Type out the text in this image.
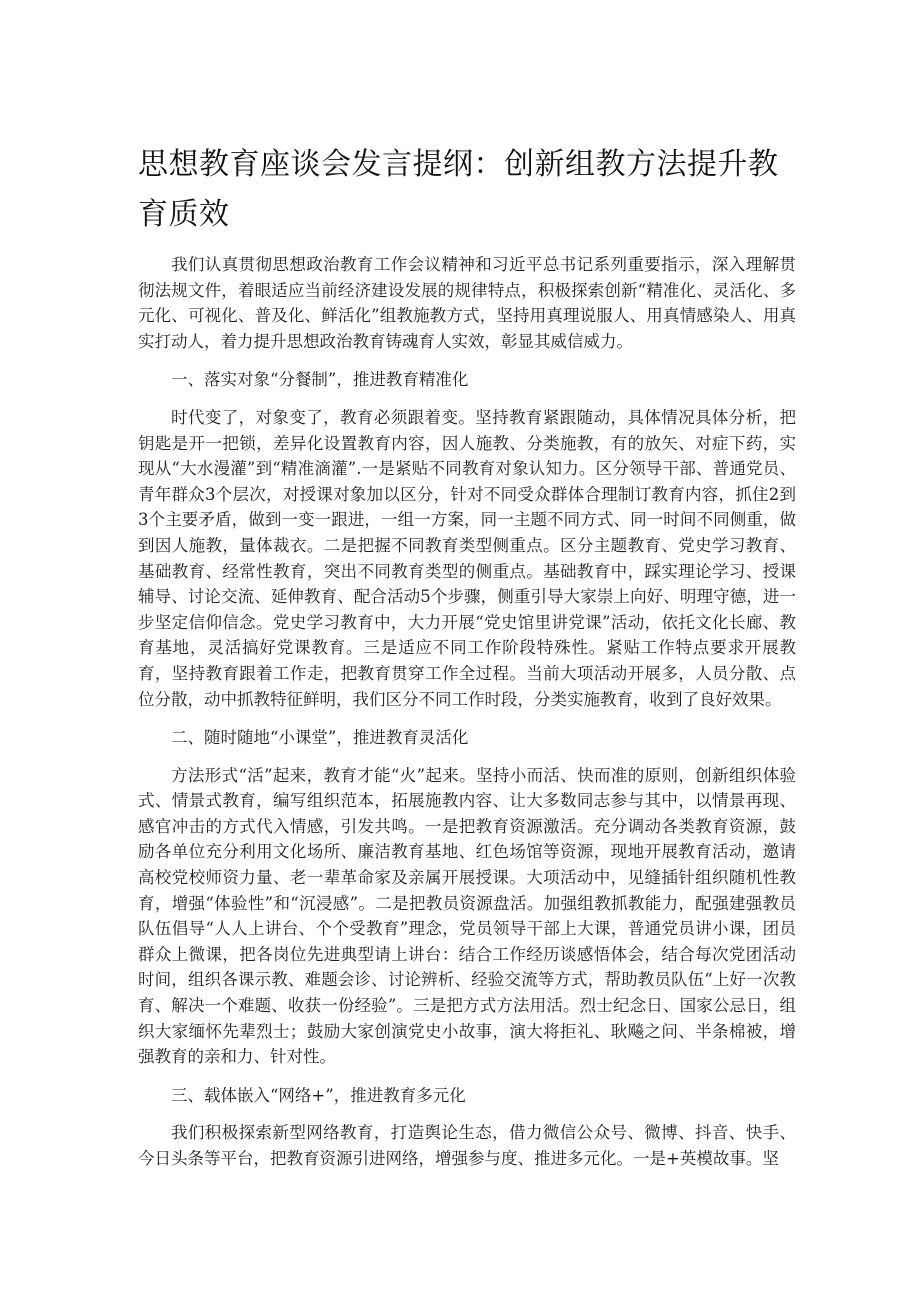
思想教育座谈会发言提纲：创新组教方法提升教育质效

我们认真贯彻思想政治教育工作会议精神和习近平总书记系列重要指示，深入理解贯彻法规文件，着眼适应当前经济建设发展的规律特点，积极探索创新“精准化、灵活化、多元化、可视化、普及化、鲜活化”组教施教方式，坚持用真理说服人、用真情感染人、用真实打动人，着力提升思想政治教育铸魂育人实效，彰显其威信威力。

一、落实对象“分餐制”，推进教育精准化

时代变了，对象变了，教育必须跟着变。坚持教育紧跟随动，具体情况具体分析，把钥匙是开一把锁，差异化设置教育内容，因人施教、分类施教，有的放矢、对症下药，实现从“大水漫灌”到“精准滴灌”.一是紧贴不同教育对象认知力。区分领导干部、普通党员、青年群众3个层次，对授课对象加以区分，针对不同受众群体合理制订教育内容，抓住2到3个主要矛盾，做到一变一跟进，一组一方案，同一主题不同方式、同一时间不同侧重，做到因人施教，量体裁衣。二是把握不同教育类型侧重点。区分主题教育、党史学习教育、基础教育、经常性教育，突出不同教育类型的侧重点。基础教育中，踩实理论学习、授课辅导、讨论交流、延伸教育、配合活动5个步骤，侧重引导大家崇上向好、明理守德，进一步坚定信仰信念。党史学习教育中，大力开展“党史馆里讲党课”活动，依托文化长廊、教育基地，灵活搞好党课教育。三是适应不同工作阶段特殊性。紧贴工作特点要求开展教育，坚持教育跟着工作走，把教育贯穿工作全过程。当前大项活动开展多，人员分散、点位分散，动中抓教特征鲜明，我们区分不同工作时段，分类实施教育，收到了良好效果。

二、随时随地“小课堂”，推进教育灵活化

方法形式“活”起来，教育才能“火”起来。坚持小而活、快而准的原则，创新组织体验式、情景式教育，编写组织范本，拓展施教内容、让大多数同志参与其中，以情景再现、感官冲击的方式代入情感，引发共鸣。一是把教育资源激活。充分调动各类教育资源，鼓励各单位充分利用文化场所、廉洁教育基地、红色场馆等资源，现地开展教育活动，邀请高校党校师资力量、老一辈革命家及亲属开展授课。大项活动中，见缝插针组织随机性教育，增强“体验性”和“沉浸感”。二是把教员资源盘活。加强组教抓教能力，配强建强教员队伍倡导“人人上讲台、个个受教育”理念，党员领导干部上大课，普通党员讲小课，团员群众上微课，把各岗位先进典型请上讲台：结合工作经历谈感悟体会，结合每次党团活动时间，组织各课示教、难题会诊、讨论辨析、经验交流等方式，帮助教员队伍“上好一次教育、解决一个难题、收获一份经验”。三是把方式方法用活。烈士纪念日、国家公忌日，组织大家缅怀先辈烈士；鼓励大家创演党史小故事，演大将拒礼、耿飚之问、半条棉被，增强教育的亲和力、针对性。

三、载体嵌入“网络+”，推进教育多元化

我们积极探索新型网络教育，打造舆论生态，借力微信公众号、微博、抖音、快手、今日头条等平台，把教育资源引进网络，增强参与度、推进多元化。一是+英模故事。坚
